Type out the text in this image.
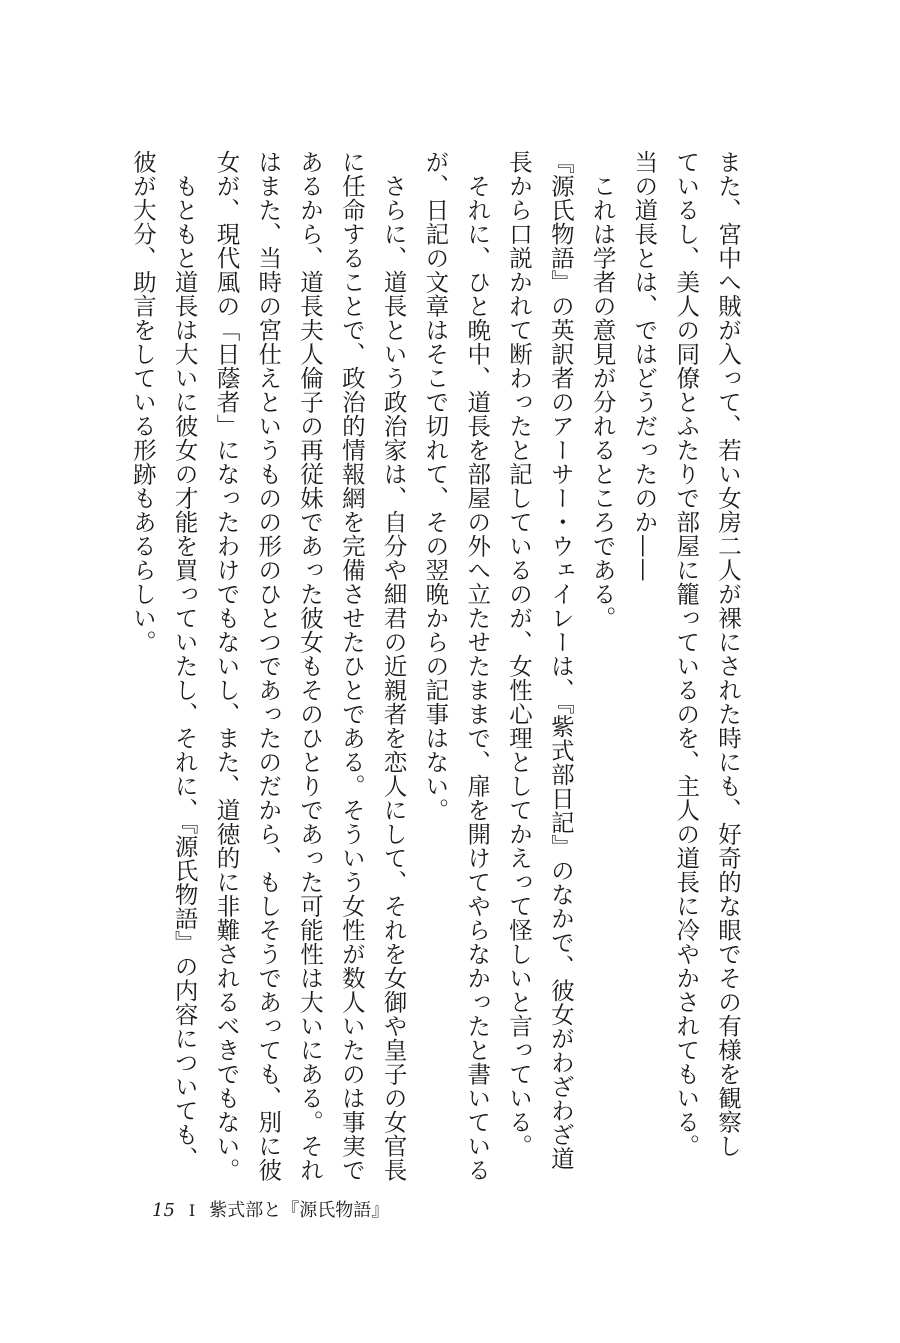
また、宮中へ賊が入って、若い女房二人が裸にされた時にも、好奇的な眼でその有様を観察し
ているし、美人の同僚とふたりで部屋に籠っているのを、主人の道長に冷やかされてもいる。
当の道長とは、ではどうだったのか——
　これは学者の意見が分れるところである。
『源氏物語』の英訳者のアーサー・ウェイレーは、『紫式部日記』のなかで、彼女がわざわざ道
長から口説かれて断わったと記しているのが、女性心理としてかえって怪しいと言っている。
　それに、ひと晩中、道長を部屋の外へ立たせたままで、扉を開けてやらなかったと書いている
が、日記の文章はそこで切れて、その翌晩からの記事はない。
　さらに、道長という政治家は、自分や細君の近親者を恋人にして、それを女御や皇子の女官長
に任命することで、政治的情報網を完備させたひとである。そういう女性が数人いたのは事実で
あるから、道長夫人倫子の再従妹であった彼女もそのひとりであった可能性は大いにある。それ
はまた、当時の宮仕えというものの形のひとつであったのだから、もしそうであっても、別に彼
女が、現代風の「日蔭者」になったわけでもないし、また、道徳的に非難されるべきでもない。
　もともと道長は大いに彼女の才能を買っていたし、それに、『源氏物語』の内容についても、
彼が大分、助言をしている形跡もあるらしい。
15 I 紫式部と『源氏物語』
